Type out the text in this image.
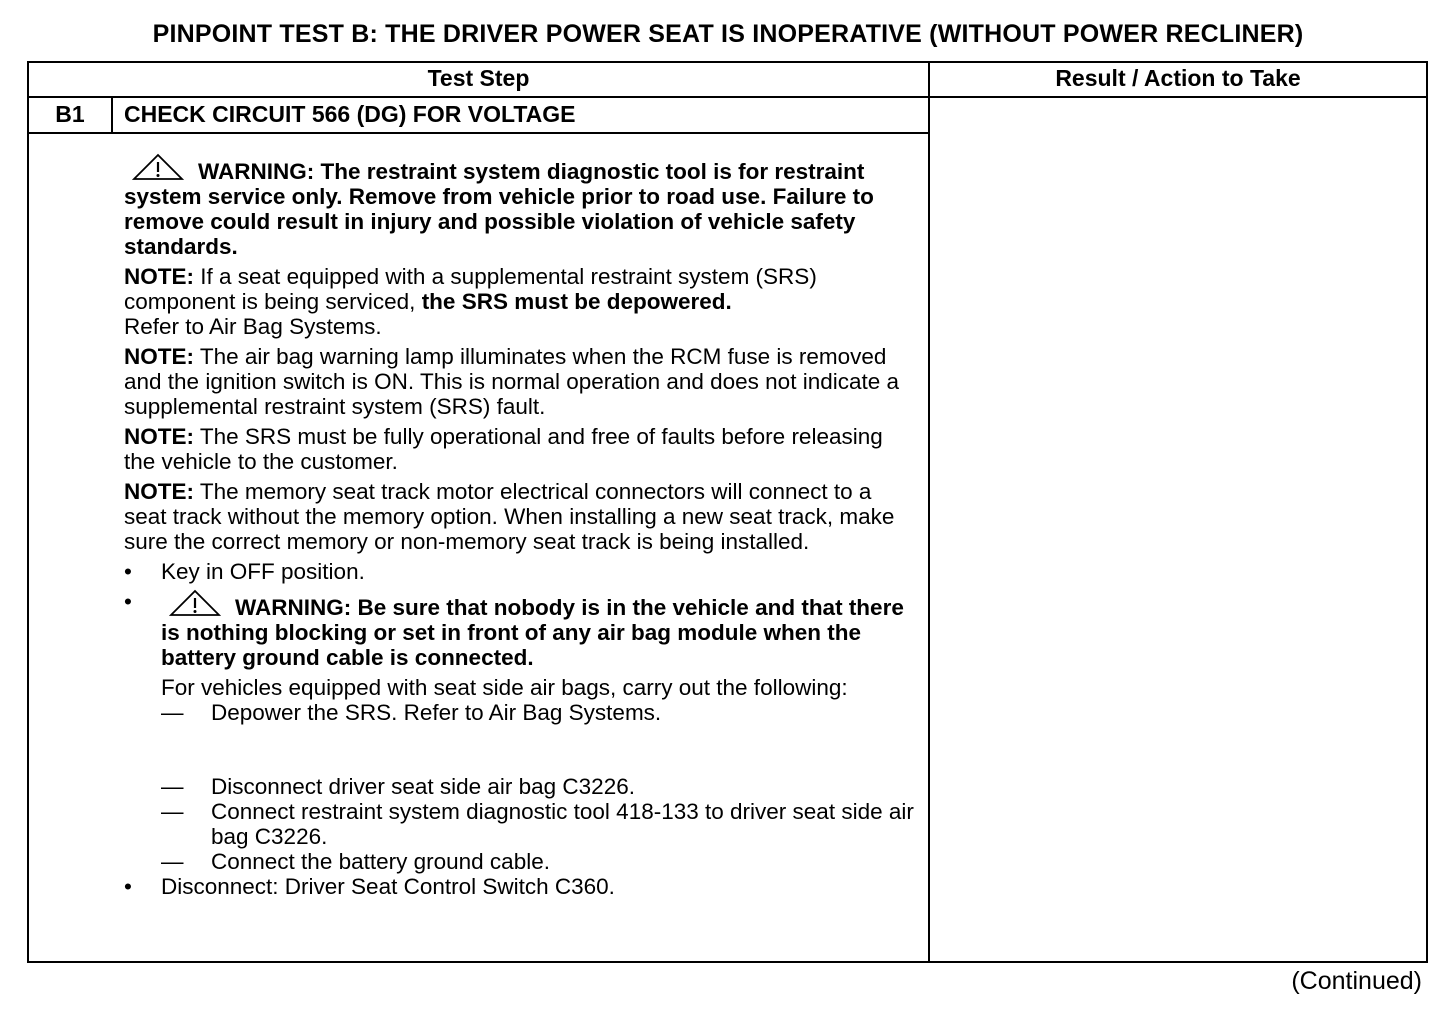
PINPOINT TEST B: THE DRIVER POWER SEAT IS INOPERATIVE (WITHOUT POWER RECLINER)
Test Step	Result / Action to Take
B1	CHECK CIRCUIT 566 (DG) FOR VOLTAGE

WARNING: The restraint system diagnostic tool is for restraint system service only. Remove from vehicle prior to road use. Failure to remove could result in injury and possible violation of vehicle safety standards.

NOTE: If a seat equipped with a supplemental restraint system (SRS) component is being serviced, the SRS must be depowered.
Refer to Air Bag Systems.

NOTE: The air bag warning lamp illuminates when the RCM fuse is removed and the ignition switch is ON. This is normal operation and does not indicate a supplemental restraint system (SRS) fault.

NOTE: The SRS must be fully operational and free of faults before releasing the vehicle to the customer.

NOTE: The memory seat track motor electrical connectors will connect to a seat track without the memory option. When installing a new seat track, make sure the correct memory or non-memory seat track is being installed.

• Key in OFF position.
•	WARNING: Be sure that nobody is in the vehicle and that there is nothing blocking or set in front of any air bag module when the battery ground cable is connected.

For vehicles equipped with seat side air bags, carry out the following:
— Depower the SRS. Refer to Air Bag Systems.
— Disconnect driver seat side air bag C3226.
— Connect restraint system diagnostic tool 418-133 to driver seat side air bag C3226.
— Connect the battery ground cable.
• Disconnect: Driver Seat Control Switch C360.
(Continued)
